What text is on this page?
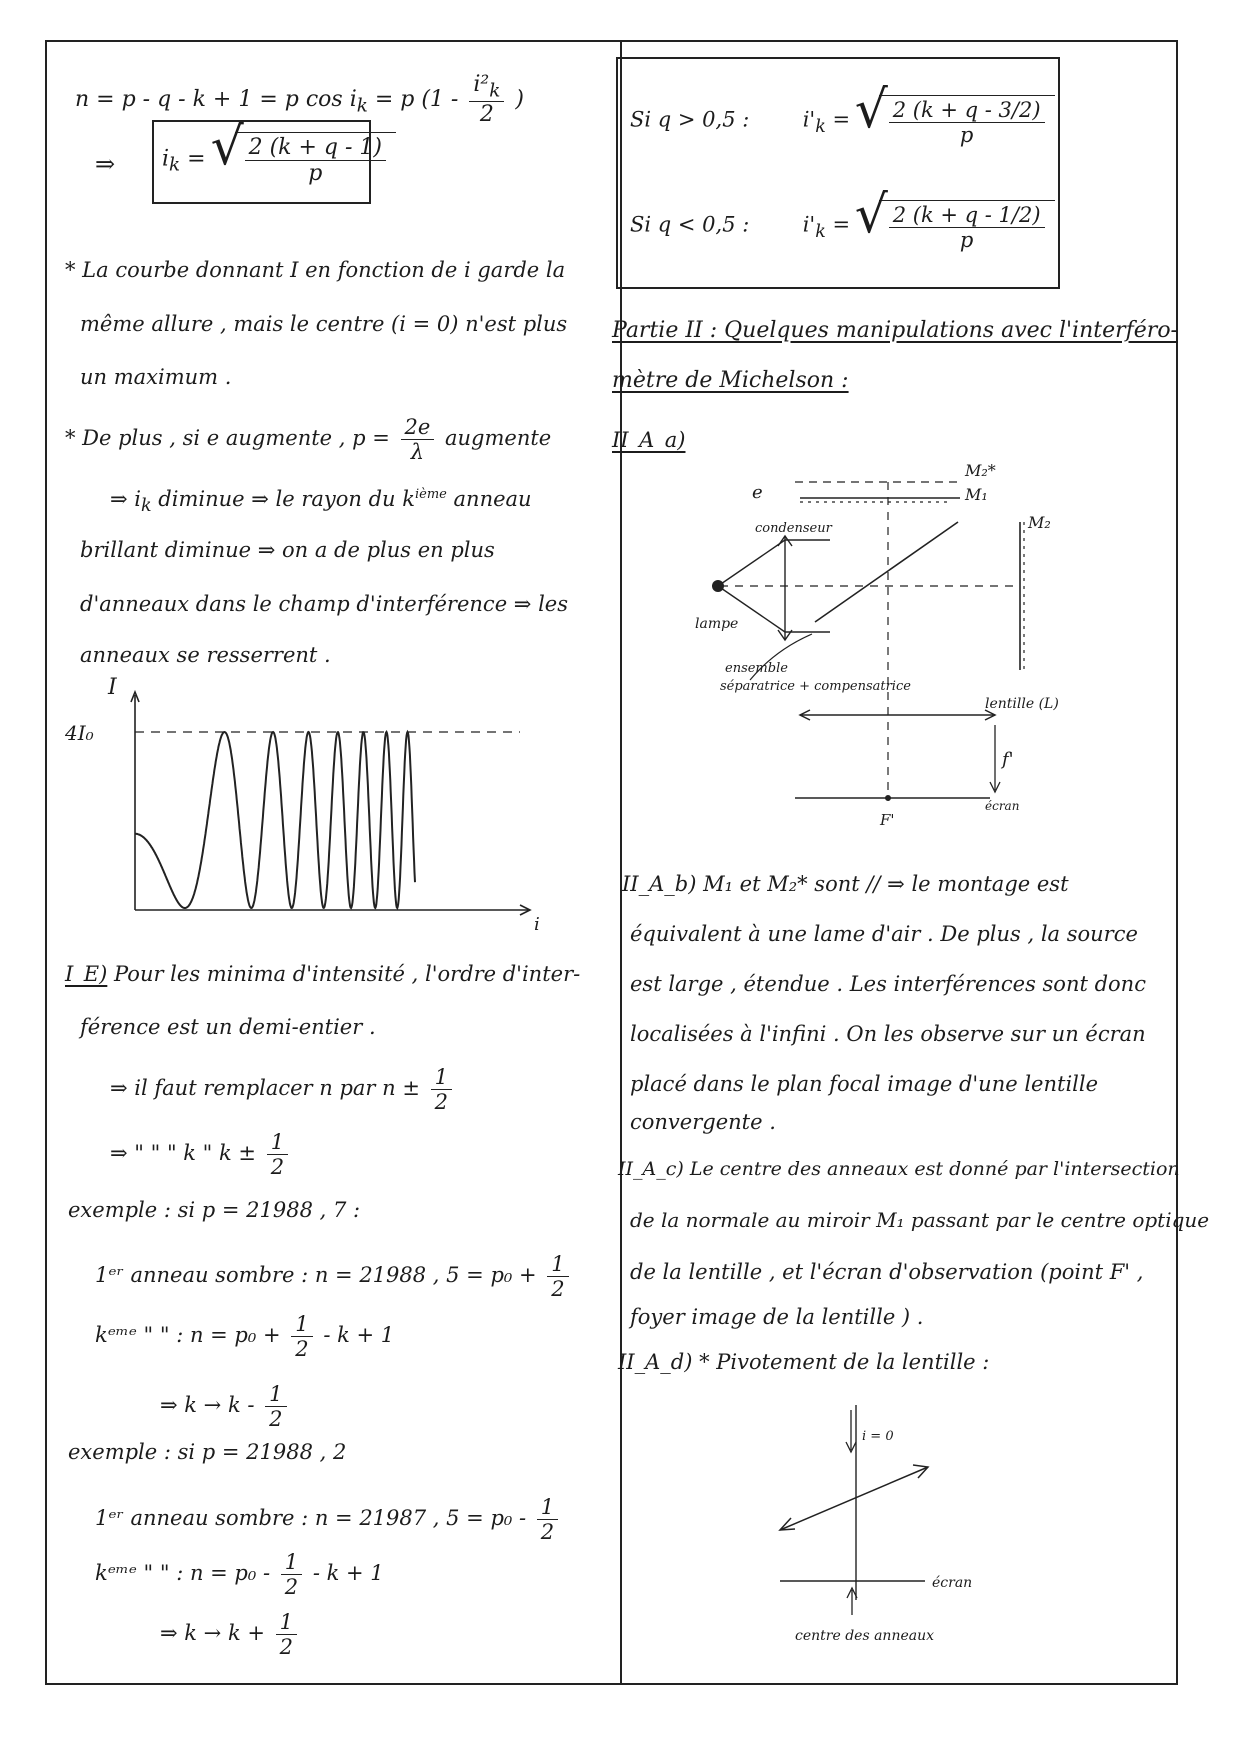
n = p - q - k + 1 = p $\cos i_k = p$ ($1 - \frac{i^2_k}{2}$ )
⇒ $i_k$ = √ $\frac{2 (k + q - 1)}{p}$
* La courbe donnant I en fonction de i garde la
même allure , mais le centre (i = 0) n'est plus
un maximum .
* De plus , si e augmente , $p = \frac{2e}{\lambda}$ augmente
⇒ $i_k$ diminue ⇒ le rayon du $k^{ième}$ anneau
brillant diminue ⇒ on a de plus en plus
d'anneaux dans le champ d'interférence ⇒ les
anneaux se resserrent .
I
4I₀
i
I_E) Pour les minima d'intensité , l'ordre d'inter-
férence est un demi-entier .
⇒ il faut remplacer n par $n \pm \frac{1}{2}$
⇒ " " " k " $k \pm \frac{1}{2}$
exemple : si p = 21988 , 7 :
1ᵉʳ anneau sombre : n = 21988 , $5 = p_0 + \frac{1}{2}$
kᵉᵐᵉ " " : $n = p_0 + \frac{1}{2} - k + 1$
⇒ $k \to k - \frac{1}{2}$
exemple : si p = 21988 , 2
1ᵉʳ anneau sombre : n = 21987 , $5 = p_0 - \frac{1}{2}$
kᵉᵐᵉ " " : $n = p_0 - \frac{1}{2} - k + 1$
⇒ $k \to k + \frac{1}{2}$
Si q > 0,5 :	$i'_k$ = √ $\frac{2 (k + q - 3/2)}{p}$
Si q < 0,5 :	$i'_k$ = √ $\frac{2 (k + q - 1/2)}{p}$
Partie II : Quelques manipulations avec l'interféro-
mètre de Michelson :
II_A_a)
e
M₂*
M₁
M₂
condenseur
lampe
ensemble
séparatrice + compensatrice
lentille (L)
f'
écran
F'
II_A_b) M₁ et M₂* sont // ⇒ le montage est
équivalent à une lame d'air . De plus , la source
est large , étendue . Les interférences sont donc
localisées à l'infini . On les observe sur un écran
placé dans le plan focal image d'une lentille
convergente .
II_A_c) Le centre des anneaux est donné par l'intersection
de la normale au miroir M₁ passant par le centre optique
de la lentille , et l'écran d'observation (point F' ,
foyer image de la lentille ) .
II_A_d) * Pivotement de la lentille :
i = 0
écran
centre des anneaux
